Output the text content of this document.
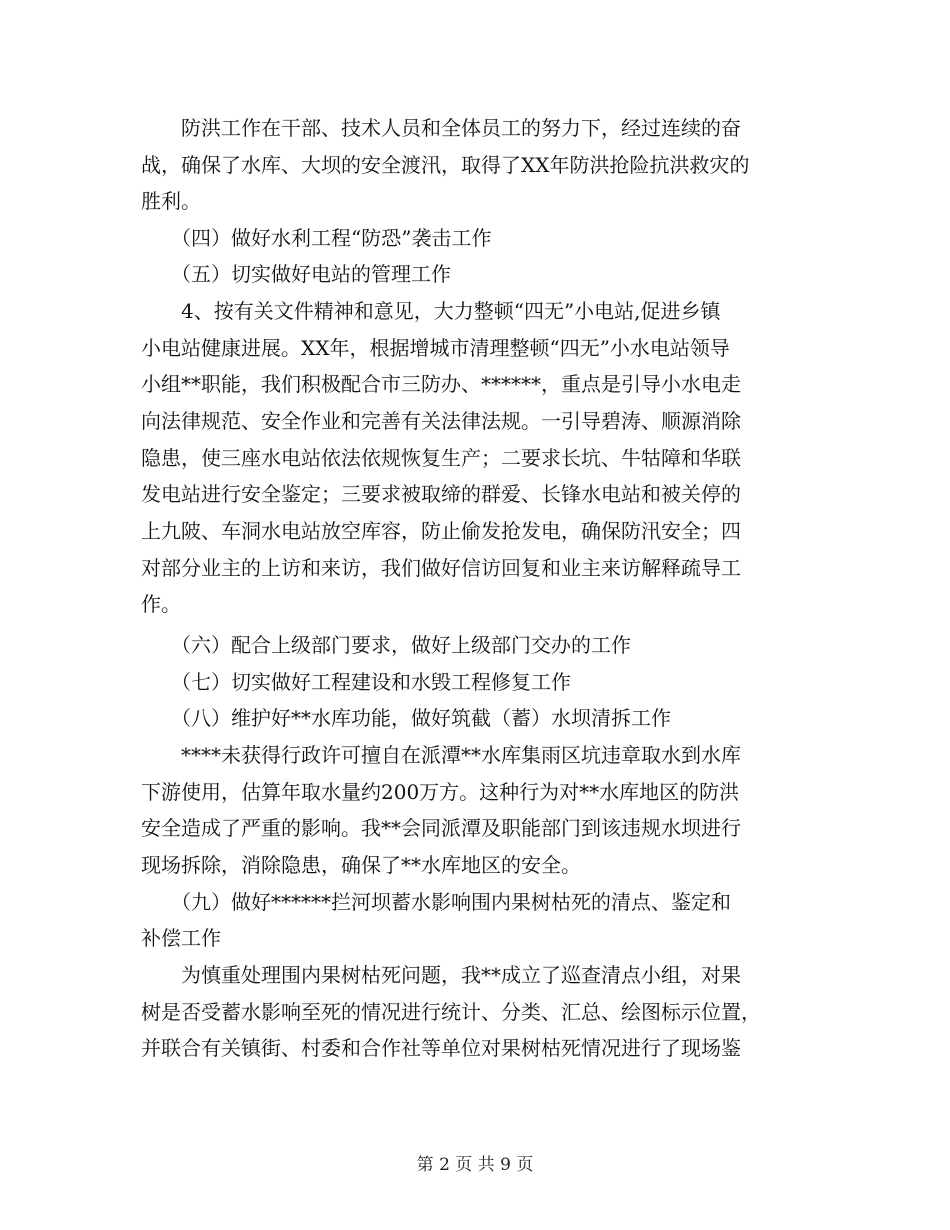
　　防洪工作在干部、技术人员和全体员工的努力下，经过连续的奋
战，确保了水库、大坝的安全渡汛，取得了XX年防洪抢险抗洪救灾的
胜利。
　　（四）做好水利工程“防恐”袭击工作
　　（五）切实做好电站的管理工作
　　4、按有关文件精神和意见，大力整顿“四无”小电站,促进乡镇
小电站健康进展。XX年，根据增城市清理整顿“四无”小水电站领导
小组**职能，我们积极配合市三防办、******，重点是引导小水电走
向法律规范、安全作业和完善有关法律法规。一引导碧涛、顺源消除
隐患，使三座水电站依法依规恢复生产；二要求长坑、牛牯障和华联
发电站进行安全鉴定；三要求被取缔的群爱、长锋水电站和被关停的
上九陂、车洞水电站放空库容，防止偷发抢发电，确保防汛安全；四
对部分业主的上访和来访，我们做好信访回复和业主来访解释疏导工
作。
　　（六）配合上级部门要求，做好上级部门交办的工作
　　（七）切实做好工程建设和水毁工程修复工作
　　（八）维护好**水库功能，做好筑截（蓄）水坝清拆工作
　　****未获得行政许可擅自在派潭**水库集雨区坑违章取水到水库
下游使用，估算年取水量约200万方。这种行为对**水库地区的防洪
安全造成了严重的影响。我**会同派潭及职能部门到该违规水坝进行
现场拆除，消除隐患，确保了**水库地区的安全。
　　（九）做好******拦河坝蓄水影响围内果树枯死的清点、鉴定和
补偿工作
　　为慎重处理围内果树枯死问题，我**成立了巡查清点小组，对果
树是否受蓄水影响至死的情况进行统计、分类、汇总、绘图标示位置，
并联合有关镇街、村委和合作社等单位对果树枯死情况进行了现场鉴
第 2 页 共 9 页
